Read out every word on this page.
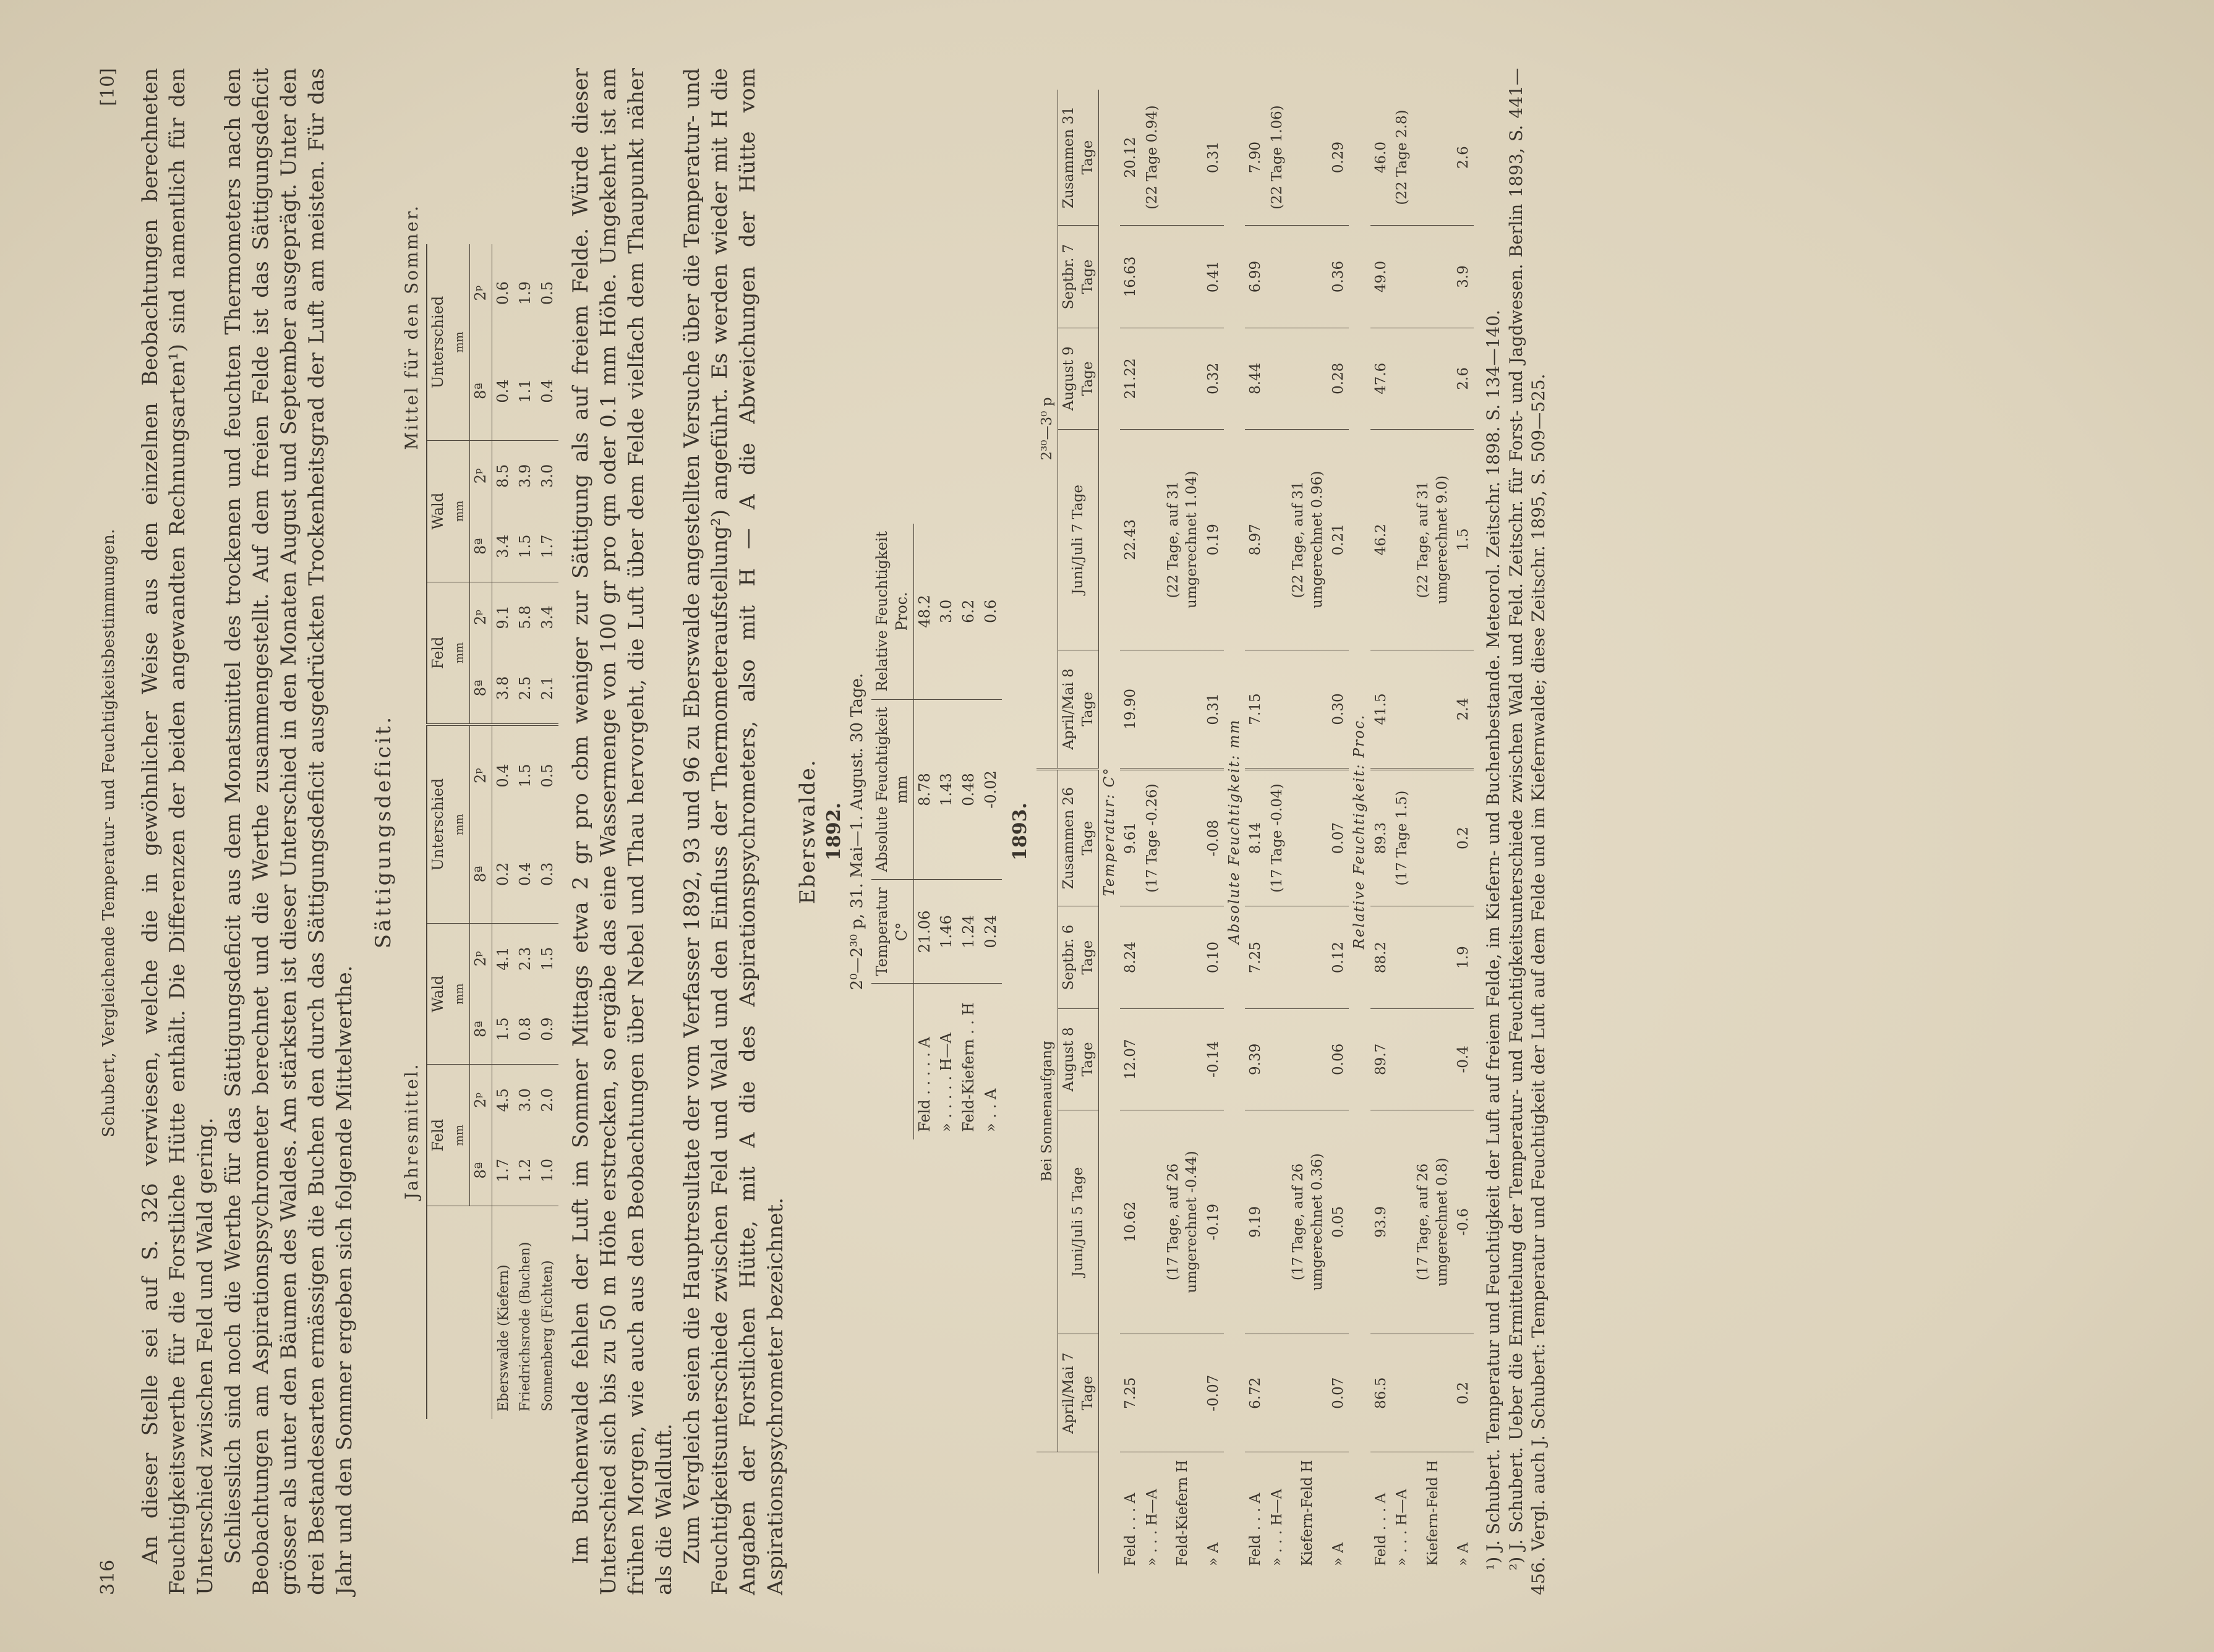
316
Schubert, Vergleichende Temperatur- und Feuchtigkeitsbestimmungen.
[10] An dieser Stelle sei auf S. 326 verwiesen, welche die in gewöhnlicher Weise aus den einzelnen Beobachtungen berechneten Feuchtigkeitswerthe für die Forstliche Hütte enthält. Die Differenzen der beiden angewandten Rechnungsarten¹) sind namentlich für den Unterschied zwischen Feld und Wald gering. Schliesslich sind noch die Werthe für das Sättigungsdeficit aus dem Monatsmittel des trockenen und feuchten Thermometers nach den Beobachtungen am Aspirationspsychrometer berechnet und die Werthe zusammengestellt. Auf dem freien Felde ist das Sättigungsdeficit grösser als unter den Bäumen des Waldes. Am stärksten ist dieser Unterschied in den Monaten August und September ausgeprägt. Unter den drei Bestandesarten ermässigen die Buchen den durch das Sättigungsdeficit ausgedrückten Trockenheitsgrad der Luft am meisten. Für das Jahr und den Sommer ergeben sich folgende Mittelwerthe.

Sättigungsdeficit.
Jahresmittel.
Mittel für den Sommer.
	Feld mm		Wald mm		Unterschied mm		Feld mm		Wald mm		Unterschied mm	
	8ª	2ᵖ	8ª	2ᵖ	8ª	2ᵖ	8ª	2ᵖ	8ª	2ᵖ	8ª	2ᵖ
Eberswalde (Kiefern)	1.7	4.5	1.5	4.1	0.2	0.4	3.8	9.1	3.4	8.5	0.4	0.6
Friedrichsrode (Buchen)	1.2	3.0	0.8	2.3	0.4	1.5	2.5	5.8	1.5	3.9	1.1	1.9
Sonnenberg (Fichten)	1.0	2.0	0.9	1.5	0.3	0.5	2.1	3.4	1.7	3.0	0.4	0.5 Im Buchenwalde fehlen der Luft im Sommer Mittags etwa 2 gr pro cbm weniger zur Sättigung als auf freiem Felde. Würde dieser Unterschied sich bis zu 50 m Höhe erstrecken, so ergäbe das eine Wassermenge von 100 gr pro qm oder 0.1 mm Höhe. Umgekehrt ist am frühen Morgen, wie auch aus den Beobachtungen über Nebel und Thau hervorgeht, die Luft über dem Felde vielfach dem Thaupunkt näher als die Waldluft. Zum Vergleich seien die Hauptresultate der vom Verfasser 1892, 93 und 96 zu Eberswalde angestellten Versuche über die Temperatur- und Feuchtigkeitsunterschiede zwischen Feld und Wald und den Einfluss der Thermometeraufstellung²) angeführt. Es werden wieder mit H die Angaben der Forstlichen Hütte, mit A die des Aspirationspsychrometers, also mit H — A die Abweichungen der Hütte vom Aspirationspsychrometer bezeichnet.

Eberswalde. 1892. 2⁰—2³⁰ p, 31. Mai—1. August. 30 Tage.
	Temperatur C°	Absolute Feuchtigkeit mm	Relative Feuchtigkeit Proc.
Feld . . . . . A	21.06	8.78	48.2
» . . . . . H—A	1.46	1.43	3.0
Feld-Kiefern . . H	1.24	0.48	6.2
» . . A	0.24	-0.02	0.6
1893.
	Bei Sonnenaufgang					2³⁰—3⁰ p				
	April/Mai 7 Tage	Juni/Juli 5 Tage	August 8 Tage	Septbr. 6 Tage	Zusammen 26 Tage	April/Mai 8 Tage	Juni/Juli 7 Tage	August 9 Tage	Septbr. 7 Tage	Zusammen 31 Tage
Temperatur: C°										
Feld . . . A	7.25	10.62	12.07	8.24	9.61	19.90	22.43	21.22	16.63	20.12
» . . . H—A					(17 Tage -0.26)					(22 Tage 0.94)
Feld-Kiefern H		(17 Tage, auf 26 umgerechnet -0.44)					(22 Tage, auf 31 umgerechnet 1.04)			
» A	-0.07	-0.19	-0.14	0.10	-0.08	0.31	0.19	0.32	0.41	0.31
Absolute Feuchtigkeit: mm										
Feld . . . A	6.72	9.19	9.39	7.25	8.14	7.15	8.97	8.44	6.99	7.90
» . . . H—A					(17 Tage -0.04)					(22 Tage 1.06)
Kiefern-Feld H		(17 Tage, auf 26 umgerechnet 0.36)					(22 Tage, auf 31 umgerechnet 0.96)			
» A	0.07	0.05	0.06	0.12	0.07	0.30	0.21	0.28	0.36	0.29
Relative Feuchtigkeit: Proc.										
Feld . . . A	86.5	93.9	89.7	88.2	89.3	41.5	46.2	47.6	49.0	46.0
» . . . H—A					(17 Tage 1.5)					(22 Tage 2.8)
Kiefern-Feld H		(17 Tage, auf 26 umgerechnet 0.8)					(22 Tage, auf 31 umgerechnet 9.0)			
» A	0.2	-0.6	-0.4	1.9	0.2	2.4	1.5	2.6	3.9	2.6

¹) J. Schubert. Temperatur und Feuchtigkeit der Luft auf freiem Felde, im Kiefern- und Buchenbestande. Meteorol. Zeitschr. 1898. S. 134—140. ²) J. Schubert. Ueber die Ermittelung der Temperatur- und Feuchtigkeitsunterschiede zwischen Wald und Feld. Zeitschr. für Forst- und Jagdwesen. Berlin 1893, S. 441—456. Vergl. auch J. Schubert: Temperatur und Feuchtigkeit der Luft auf dem Felde und im Kiefernwalde; diese Zeitschr. 1895, S. 509—525.
